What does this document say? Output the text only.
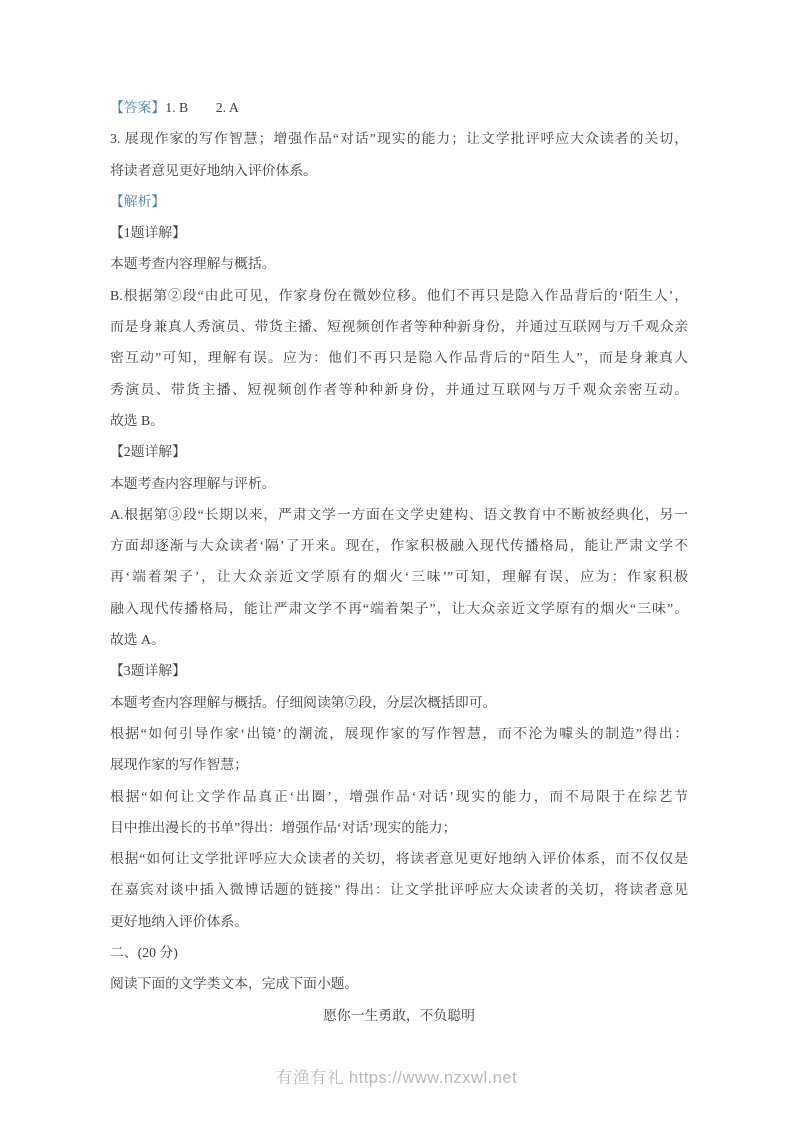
【答案】1. B　　2. A
3. 展现作家的写作智慧；增强作品“对话”现实的能力；让文学批评呼应大众读者的关切，
将读者意见更好地纳入评价体系。
【解析】
【1题详解】
本题考查内容理解与概括。
B.根据第②段“由此可见，作家身份在微妙位移。他们不再只是隐入作品背后的‘陌生人’，
而是身兼真人秀演员、带货主播、短视频创作者等种种新身份，并通过互联网与万千观众亲
密互动”可知，理解有误。应为：他们不再只是隐入作品背后的“陌生人”，而是身兼真人
秀演员、带货主播、短视频创作者等种种新身份，并通过互联网与万千观众亲密互动。
故选 B。
【2题详解】
本题考查内容理解与评析。
A.根据第③段“长期以来，严肃文学一方面在文学史建构、语文教育中不断被经典化，另一
方面却逐渐与大众读者‘隔’了开来。现在，作家积极融入现代传播格局，能让严肃文学不
再‘端着架子’，让大众亲近文学原有的烟火‘三味’”可知，理解有误，应为：作家积极
融入现代传播格局，能让严肃文学不再“端着架子”，让大众亲近文学原有的烟火“三味”。
故选 A。
【3题详解】
本题考查内容理解与概括。仔细阅读第⑦段，分层次概括即可。
根据“如何引导作家‘出镜’的潮流，展现作家的写作智慧，而不沦为噱头的制造”得出：
展现作家的写作智慧；
根据“如何让文学作品真正‘出圈’，增强作品‘对话’现实的能力，而不局限于在综艺节
目中推出漫长的书单”得出：增强作品‘对话’现实的能力；
根据“如何让文学批评呼应大众读者的关切，将读者意见更好地纳入评价体系，而不仅仅是
在嘉宾对谈中插入微博话题的链接” 得出：让文学批评呼应大众读者的关切，将读者意见
更好地纳入评价体系。
二、(20 分)
阅读下面的文学类文本，完成下面小题。
愿你一生勇敢，不负聪明
有渔有礼 https://www.nzxwl.net
